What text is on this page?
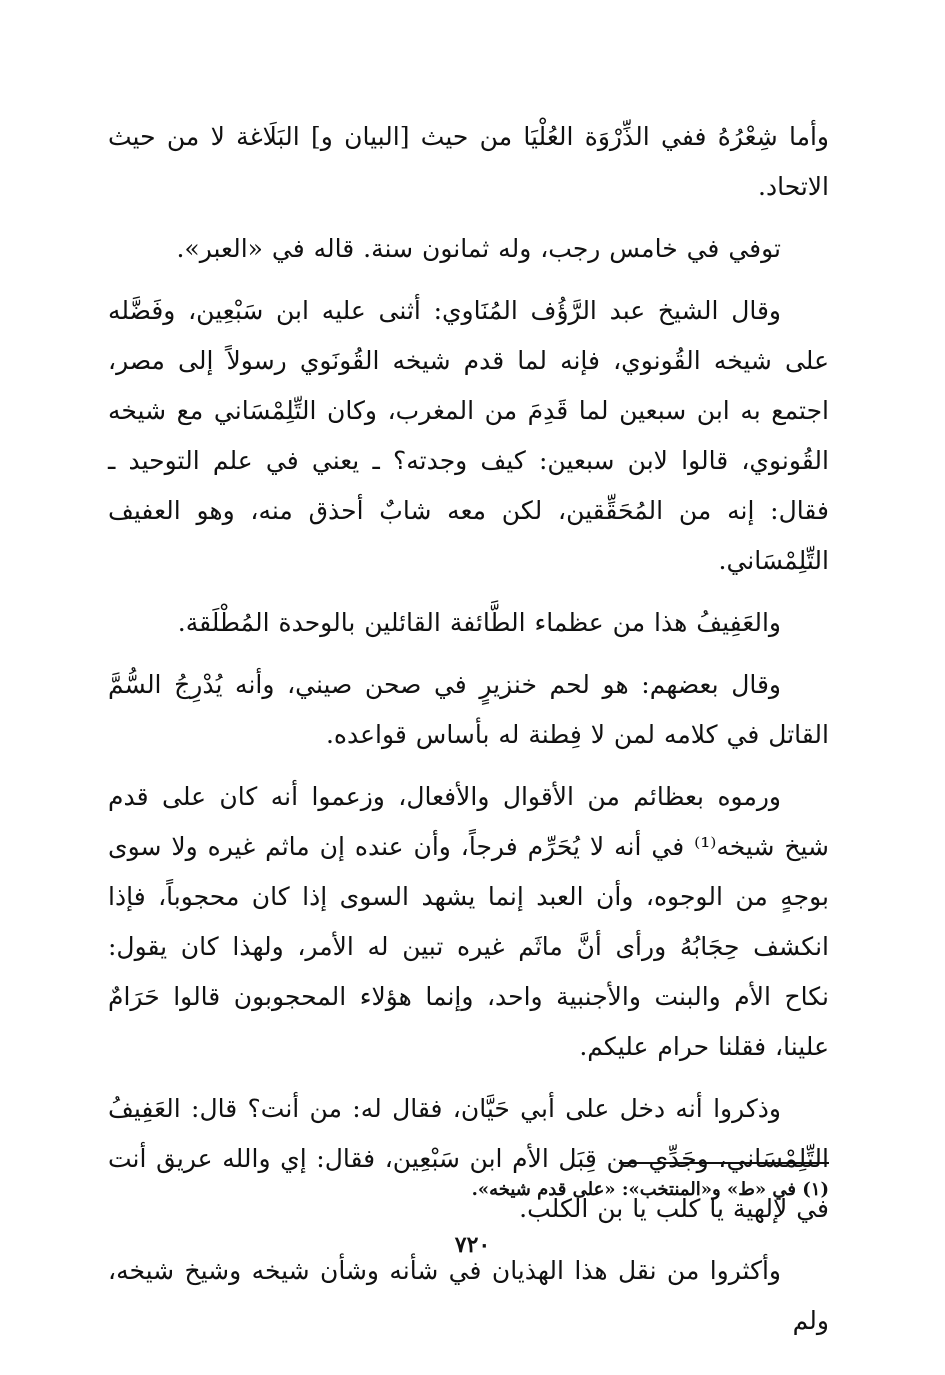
وأما شِعْرُهُ ففي الذِّرْوَة العُلْيَا من حيث [البيان و] البَلَاغة لا من حيث الاتحاد.

توفي في خامس رجب، وله ثمانون سنة. قاله في «العبر».

وقال الشيخ عبد الرَّؤُف المُنَاوي: أثنى عليه ابن سَبْعِين، وفَضَّله على شيخه القُونوي، فإنه لما قدم شيخه القُونَوي رسولاً إلى مصر، اجتمع به ابن سبعين لما قَدِمَ من المغرب، وكان التِّلِمْسَاني مع شيخه القُونوي، قالوا لابن سبعين: كيف وجدته؟ ـ يعني في علم التوحيد ـ فقال: إنه من المُحَقِّقين، لكن معه شابٌ أحذق منه، وهو العفيف التِّلِمْسَاني.

والعَفِيفُ هذا من عظماء الطَّائفة القائلين بالوحدة المُطْلَقة.

وقال بعضهم: هو لحم خنزيرٍ في صحن صيني، وأنه يُدْرِجُ السُّمَّ القاتل في كلامه لمن لا فِطنة له بأساس قواعده.

ورموه بعظائم من الأقوال والأفعال، وزعموا أنه كان على قدم شيخ شيخه⁽¹⁾ في أنه لا يُحَرِّم فرجاً، وأن عنده إن ماثم غيره ولا سوى بوجهٍ من الوجوه، وأن العبد إنما يشهد السوى إذا كان محجوباً، فإذا انكشف حِجَابُهُ ورأى أنَّ ماثَم غيره تبين له الأمر، ولهذا كان يقول: نكاح الأم والبنت والأجنبية واحد، وإنما هؤلاء المحجوبون قالوا حَرَامٌ علينا، فقلنا حرام عليكم.

وذكروا أنه دخل على أبي حَيَّان، فقال له: من أنت؟ قال: العَفِيفُ التِّلِمْسَاني، وجَدِّي من قِبَل الأم ابن سَبْعِين، فقال: إي والله عريق أنت في لإلهية يا كلب يا بن الكلب.

وأكثروا من نقل هذا الهذيان في شأنه وشأن شيخه وشيخ شيخه، ولم

(١) في «ط» و«المنتخب»: «على قدم شيخه».

٧٢٠
